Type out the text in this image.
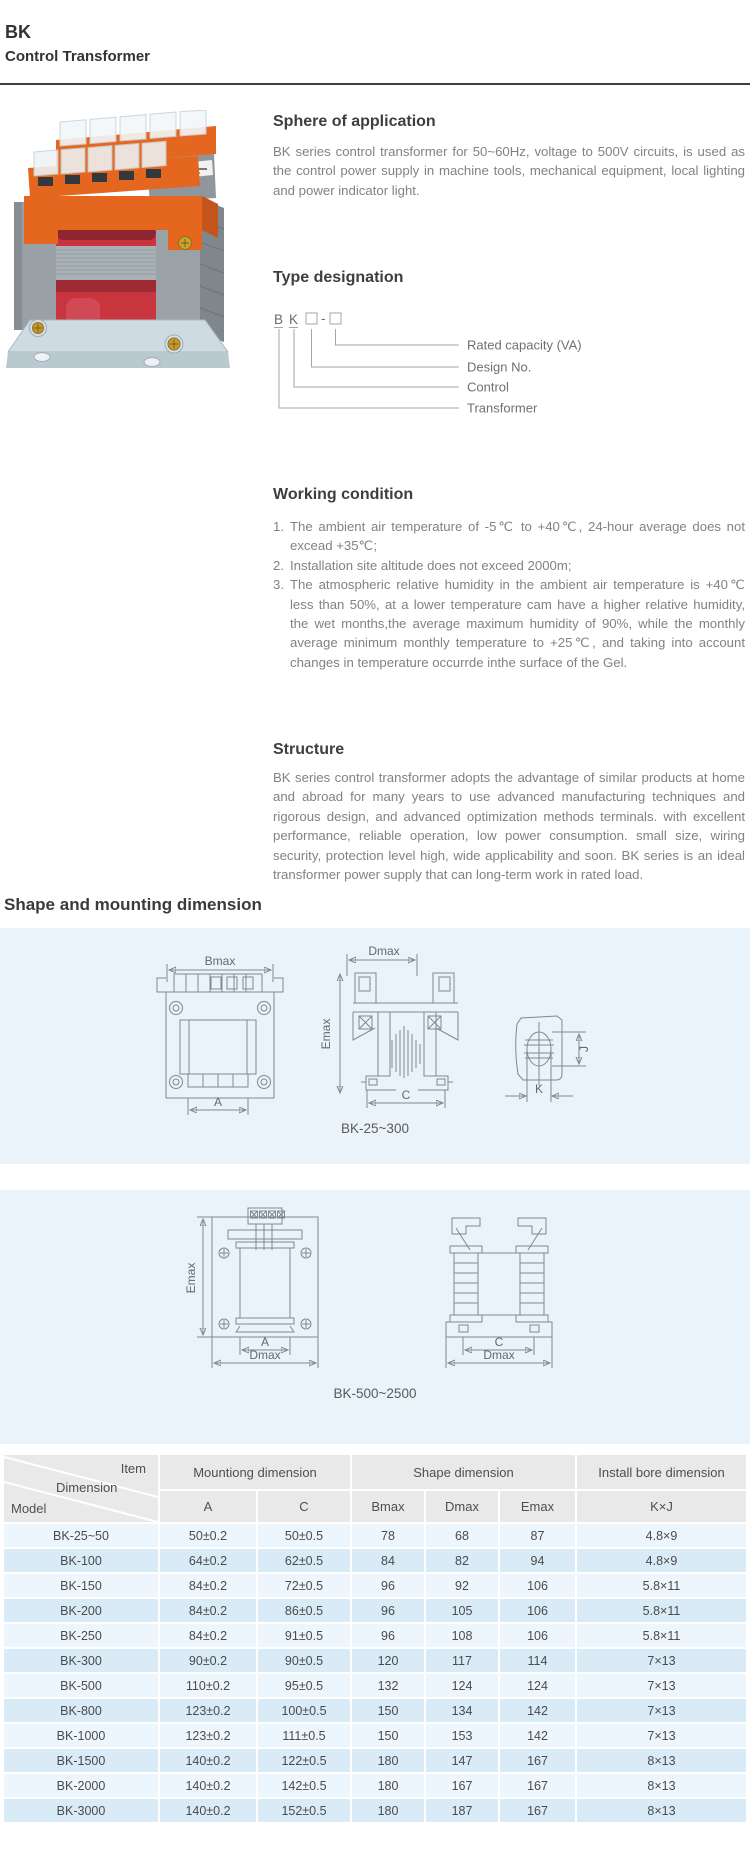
BK
Control Transformer
Sphere of application
BK series control transformer for 50~60Hz, voltage to 500V circuits, is used as the control power supply in machine tools, mechanical equipment, local lighting and power indicator light.
Type designation
B K -
Rated capacity (VA)
Design No.
Control
Transformer
Working condition
1. The ambient air temperature of -5℃ to +40℃, 24-hour average does not excead +35℃;
2. Installation site altitude does not exceed 2000m;
3. The atmospheric relative humidity in the ambient air temperature is +40℃ less than 50%, at a lower temperature cam have a higher relative humidity, the wet months,the average maximum humidity of 90%, while the monthly average minimum monthly temperature to +25℃, and taking into account changes in temperature occurrde inthe surface of the Gel.
Structure
BK series control transformer adopts the advantage of similar products at home and abroad for many years to use advanced manufacturing techniques and rigorous design, and advanced optimization methods terminals. with excellent performance, reliable operation, low power consumption. small size, wiring security, protection level high, wide applicability and soon. BK series is an ideal transformer power supply that can long-term work in rated load.
Shape and mounting dimension
Bmax
A
Dmax
Emax
C
J
K
BK-25~300
Emax
A
Dmax
C
Dmax
BK-500~2500
Item
Dimension
Model
Mountiong dimension	Shape dimension	Install bore dimension
A	C	Bmax	Dmax	Emax	K×J
BK-25~50	50±0.2	50±0.5	78	68	87	4.8×9
BK-100	64±0.2	62±0.5	84	82	94	4.8×9
BK-150	84±0.2	72±0.5	96	92	106	5.8×11
BK-200	84±0.2	86±0.5	96	105	106	5.8×11
BK-250	84±0.2	91±0.5	96	108	106	5.8×11
BK-300	90±0.2	90±0.5	120	117	114	7×13
BK-500	110±0.2	95±0.5	132	124	124	7×13
BK-800	123±0.2	100±0.5	150	134	142	7×13
BK-1000	123±0.2	111±0.5	150	153	142	7×13
BK-1500	140±0.2	122±0.5	180	147	167	8×13
BK-2000	140±0.2	142±0.5	180	167	167	8×13
BK-3000	140±0.2	152±0.5	180	187	167	8×13
